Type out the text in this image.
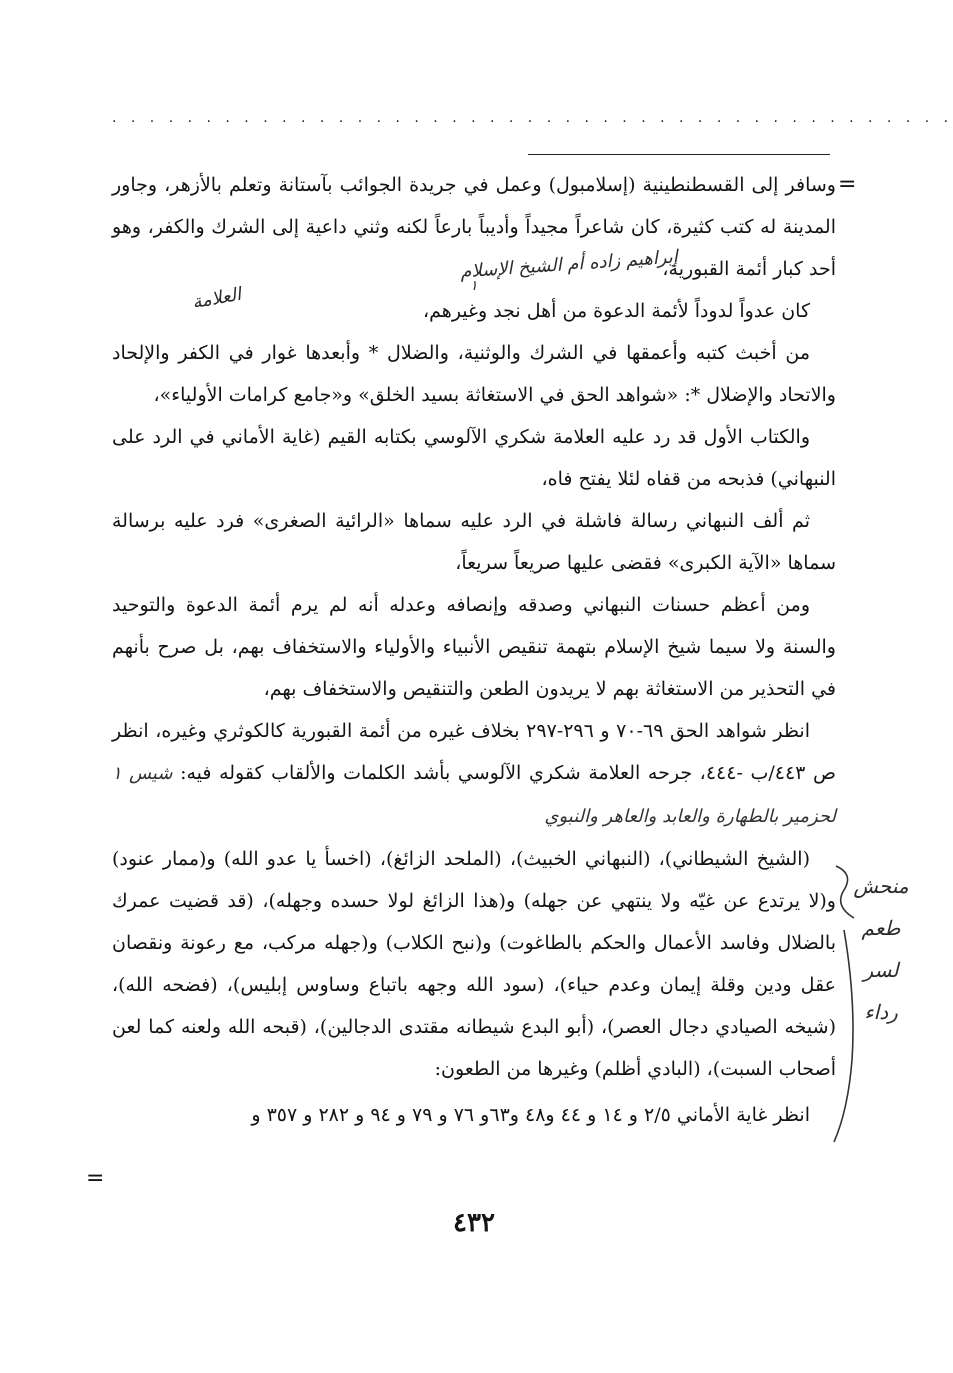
. . . . . . . . . . . . . . . . . . . . . . . . . . . . . . . . . . . . . . . . . . . . .
=
إبراهيم زاده أم الشيخ الإسلام
١
العلامة

وسافر إلى القسطنطينية (إسلامبول) وعمل في جريدة الجوائب بآستانة وتعلم بالأزهر، وجاور المدينة له كتب كثيرة، كان شاعراً مجيداً وأديباً بارعاً لكنه وثني داعية إلى الشرك والكفر، وهو أحد كبار أئمة القبورية،

كان عدواً لدوداً لأئمة الدعوة من أهل نجد وغيرهم،

من أخبث كتبه وأعمقها في الشرك والوثنية، والضلال * وأبعدها غوار في الكفر والإلحاد والاتحاد والإضلال *: «شواهد الحق في الاستغاثة بسيد الخلق» و«جامع كرامات الأولياء»،

والكتاب الأول قد رد عليه العلامة شكري الآلوسي بكتابه القيم (غاية الأماني في الرد على النبهاني) فذبحه من قفاه لئلا يفتح فاه،

ثم ألف النبهاني رسالة فاشلة في الرد عليه سماها «الرائية الصغرى» فرد عليه برسالة سماها «الآية الكبرى» فقضى عليها صريعاً سريعاً،

ومن أعظم حسنات النبهاني وصدقه وإنصافه وعدله أنه لم يرم أئمة الدعوة والتوحيد والسنة ولا سيما شيخ الإسلام بتهمة تنقيص الأنبياء والأولياء والاستخفاف بهم، بل صرح بأنهم في التحذير من الاستغاثة بهم لا يريدون الطعن والتنقيص والاستخفاف بهم،

انظر شواهد الحق ٦٩-٧٠ و ٢٩٦-٢٩٧ بخلاف غيره من أئمة القبورية كالكوثري وغيره، انظر ص ٤٤٣/ب -٤٤٤، جرحه العلامة شكري الآلوسي بأشد الكلمات والألقاب كقوله فيه: شيس ١ لحزمير بالطهارة والعابد والعاهر والنبوي

(الشيخ الشيطاني)، (النبهاني الخبيث)، (الملحد الزائغ)، (اخسأ يا عدو الله) و(ممار عنود) و(لا يرتدع عن غيّه ولا ينتهي عن جهله) و(هذا الزائغ لولا حسده وجهله)، (قد قضيت عمرك بالضلال وفاسد الأعمال والحكم بالطاغوت) و(نبح الكلاب) و(جهله مركب، مع رعونة ونقصان عقل ودين وقلة إيمان وعدم حياء)، (سود الله وجهه باتباع وساوس إبليس)، (فضحه الله)، (شيخه الصيادي دجال العصر)، (أبو البدع شيطانه مقتدى الدجالين)، (قبحه الله ولعنه كما لعن أصحاب السبت)، (البادي أظلم) وغيرها من الطعون:

انظر غاية الأماني ٢/٥ و ١٤ و ٤٤ و٤٨ و٦٣و ٧٦ و ٧٩ و ٩٤ و ٢٨٢ و ٣٥٧ و

=
منحش
طعم
لسر
رداء
٤٣٢
